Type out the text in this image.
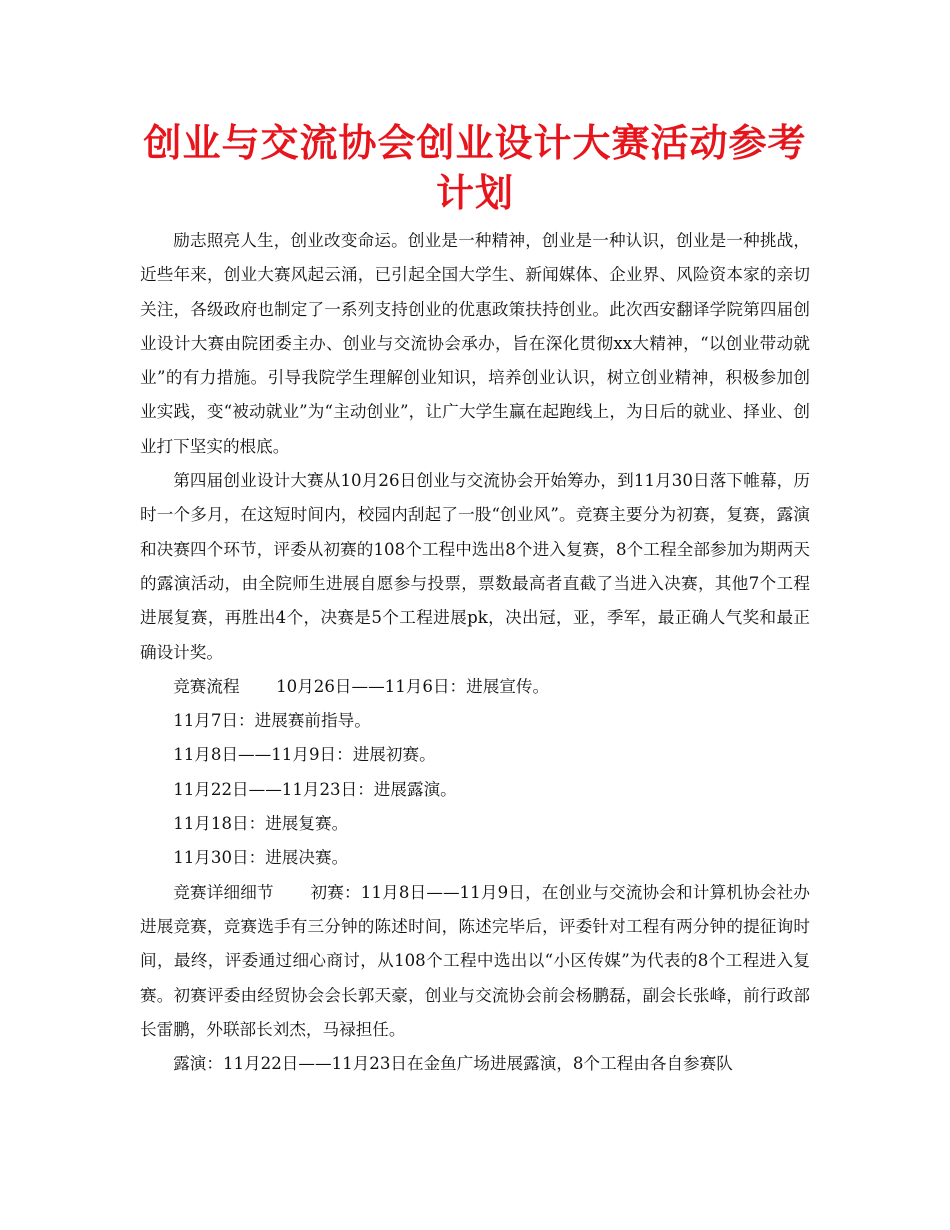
创业与交流协会创业设计大赛活动参考计划

励志照亮人生，创业改变命运。创业是一种精神，创业是一种认识，创业是一种挑战，近些年来，创业大赛风起云涌，已引起全国大学生、新闻媒体、企业界、风险资本家的亲切关注，各级政府也制定了一系列支持创业的优惠政策扶持创业。此次西安翻译学院第四届创业设计大赛由院团委主办、创业与交流协会承办，旨在深化贯彻xx大精神，“以创业带动就业”的有力措施。引导我院学生理解创业知识，培养创业认识，树立创业精神，积极参加创业实践，变“被动就业”为“主动创业”，让广大学生赢在起跑线上，为日后的就业、择业、创业打下坚实的根底。

第四届创业设计大赛从10月26日创业与交流协会开始筹办，到11月30日落下帷幕，历时一个多月，在这短时间内，校园内刮起了一股“创业风”。竞赛主要分为初赛，复赛，露演和决赛四个环节，评委从初赛的108个工程中选出8个进入复赛，8个工程全部参加为期两天的露演活动，由全院师生进展自愿参与投票，票数最高者直截了当进入决赛，其他7个工程进展复赛，再胜出4个，决赛是5个工程进展pk，决出冠，亚，季军，最正确人气奖和最正确设计奖。

竞赛流程 10月26日——11月6日：进展宣传。

11月7日：进展赛前指导。

11月8日——11月9日：进展初赛。

11月22日——11月23日：进展露演。

11月18日：进展复赛。

11月30日：进展决赛。

竞赛详细细节 初赛：11月8日——11月9日，在创业与交流协会和计算机协会社办进展竞赛，竞赛选手有三分钟的陈述时间，陈述完毕后，评委针对工程有两分钟的提征询时间，最终，评委通过细心商讨，从108个工程中选出以“小区传媒”为代表的8个工程进入复赛。初赛评委由经贸协会会长郭天豪，创业与交流协会前会杨鹏磊，副会长张峰，前行政部长雷鹏，外联部长刘杰，马禄担任。

露演：11月22日——11月23日在金鱼广场进展露演，8个工程由各自参赛队
